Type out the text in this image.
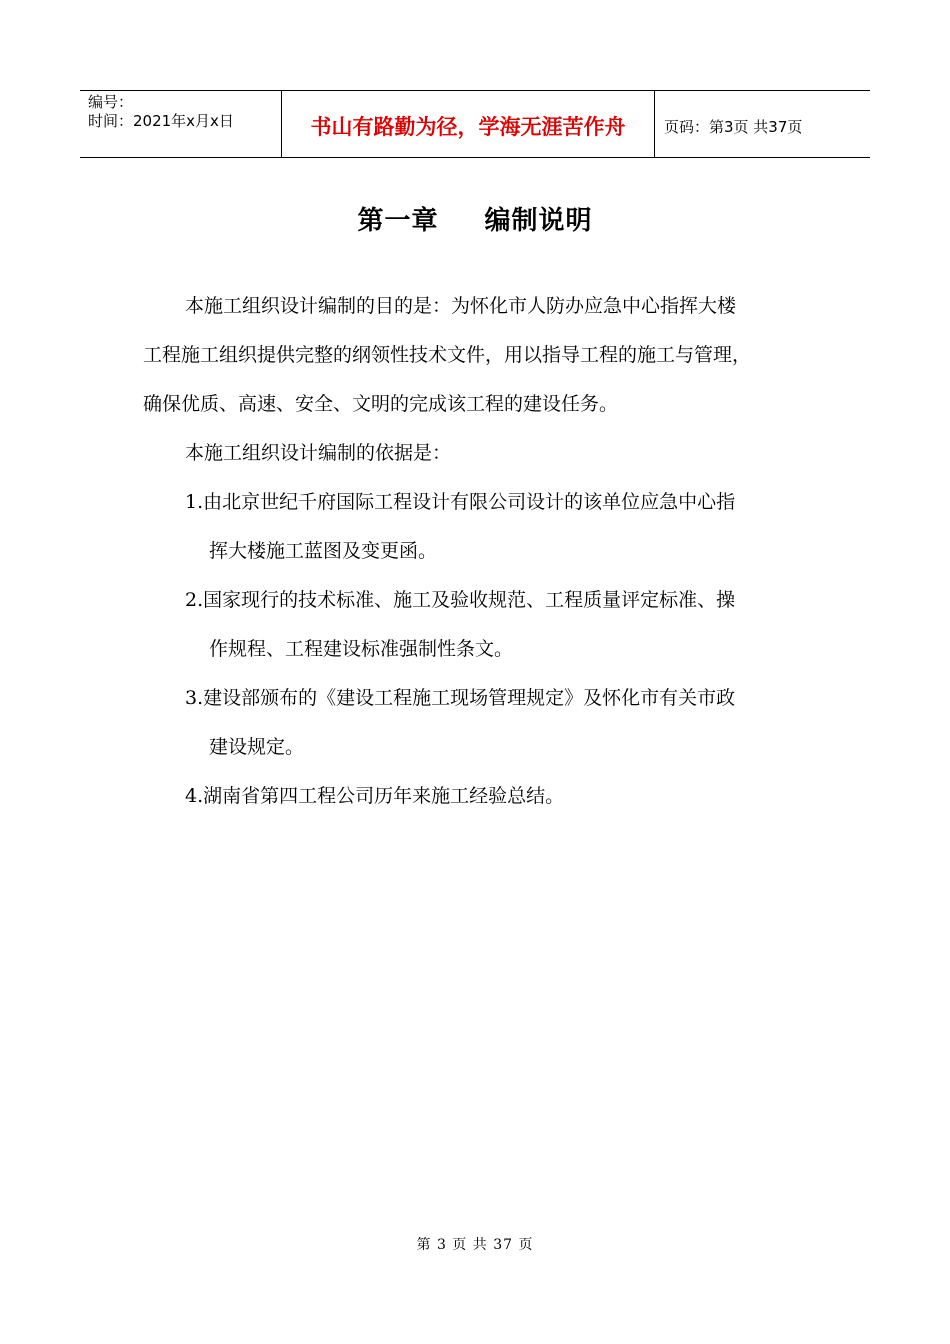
编号：
时间：2021年x月x日	书山有路勤为径，学海无涯苦作舟	页码：第3页 共37页
第一章 编制说明

本施工组织设计编制的目的是：为怀化市人防办应急中心指挥大楼
工程施工组织提供完整的纲领性技术文件，用以指导工程的施工与管理，
确保优质、高速、安全、文明的完成该工程的建设任务。

本施工组织设计编制的依据是：

1.由北京世纪千府国际工程设计有限公司设计的该单位应急中心指
挥大楼施工蓝图及变更函。
2.国家现行的技术标准、施工及验收规范、工程质量评定标准、操
作规程、工程建设标准强制性条文。
3.建设部颁布的《建设工程施工现场管理规定》及怀化市有关市政
建设规定。
4.湖南省第四工程公司历年来施工经验总结。
第 3 页 共 37 页
